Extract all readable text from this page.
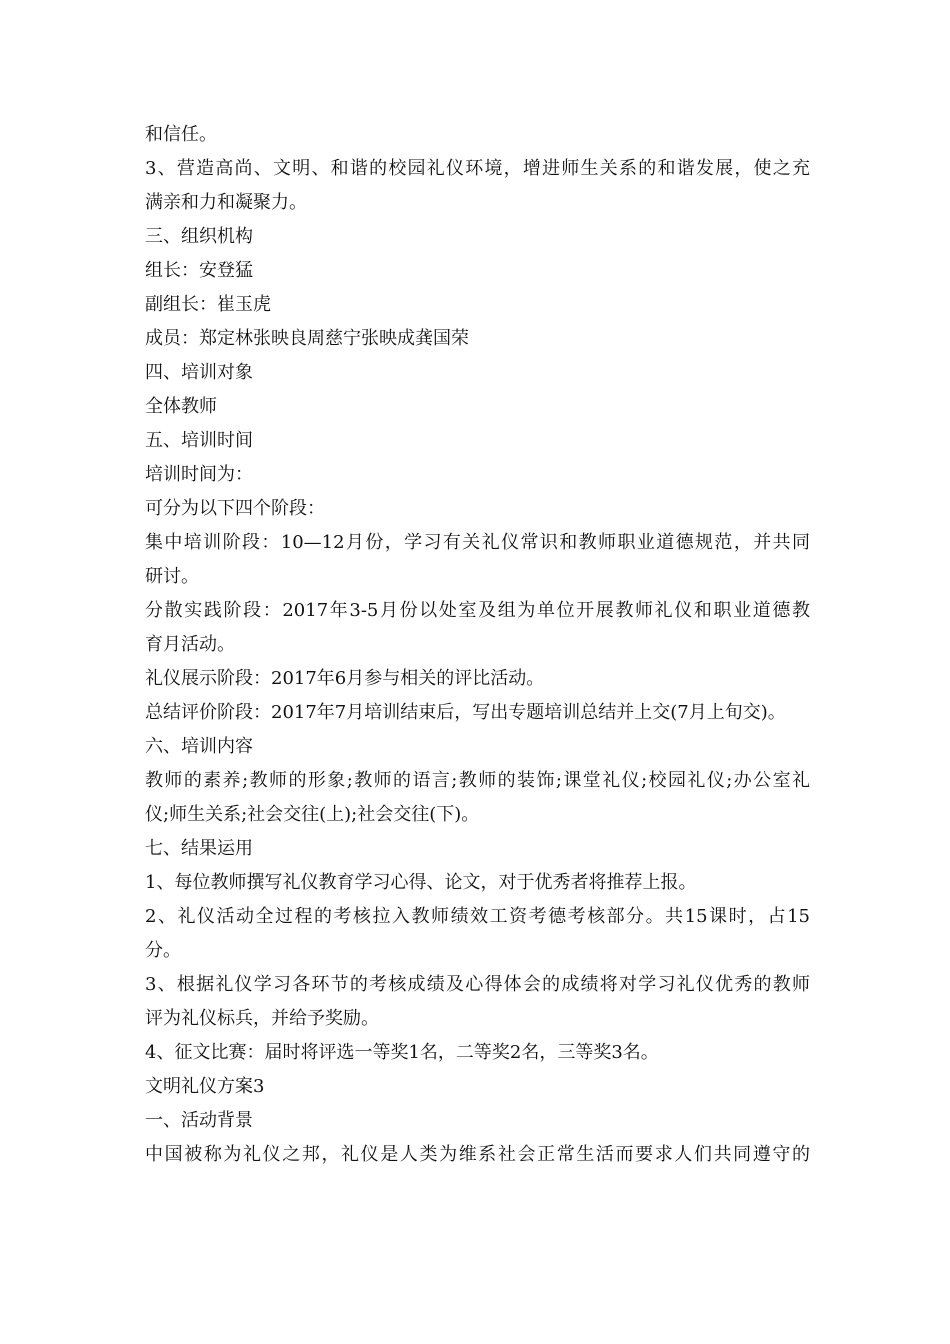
和信任。
3、营造高尚、文明、和谐的校园礼仪环境，增进师生关系的和谐发展，使之充
满亲和力和凝聚力。
三、组织机构
组长：安登猛
副组长：崔玉虎
成员：郑定林张映良周慈宁张映成龚国荣
四、培训对象
全体教师
五、培训时间
培训时间为：
可分为以下四个阶段：
集中培训阶段：10—12月份，学习有关礼仪常识和教师职业道德规范，并共同
研讨。
分散实践阶段：2017年3-5月份以处室及组为单位开展教师礼仪和职业道德教
育月活动。
礼仪展示阶段：2017年6月参与相关的评比活动。
总结评价阶段：2017年7月培训结束后，写出专题培训总结并上交(7月上旬交)。
六、培训内容
教师的素养;教师的形象;教师的语言;教师的装饰;课堂礼仪;校园礼仪;办公室礼
仪;师生关系;社会交往(上);社会交往(下)。
七、结果运用
1、每位教师撰写礼仪教育学习心得、论文，对于优秀者将推荐上报。
2、礼仪活动全过程的考核拉入教师绩效工资考德考核部分。共15课时，占15
分。
3、根据礼仪学习各环节的考核成绩及心得体会的成绩将对学习礼仪优秀的教师
评为礼仪标兵，并给予奖励。
4、征文比赛：届时将评选一等奖1名，二等奖2名，三等奖3名。
文明礼仪方案3
一、活动背景
中国被称为礼仪之邦，礼仪是人类为维系社会正常生活而要求人们共同遵守的
